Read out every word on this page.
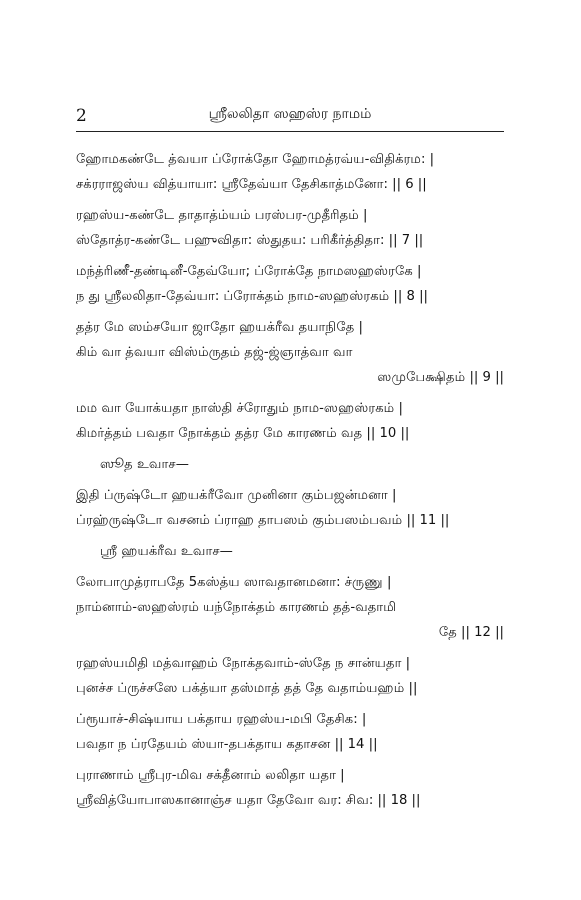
2	ஸ்ரீலலிதா ஸஹஸ்ர நாமம்
ஹோமகண்டே த்வயா ப்ரோக்தோ ஹோமத்ரவ்ய-விதிக்ரம: |
சக்ரராஜஸ்ய வித்யாயா: ஸ்ரீதேவ்யா தேசிகாத்மனோ: || 6 ||
ரஹஸ்ய-கண்டே தாதாத்ம்யம் பரஸ்பர-முதீரிதம் |
ஸ்தோத்ர-கண்டே பஹுவிதா: ஸ்துதய: பரிகீர்த்திதா: || 7 ||
மந்த்ரிணீ-தண்டினீ-தேவ்யோ; ப்ரோக்தே நாமஸஹஸ்ரகே |
ந து ஸ்ரீலலிதா-தேவ்யா: ப்ரோக்தம் நாம-ஸஹஸ்ரகம் || 8 ||
தத்ர மே ஸம்சயோ ஜாதோ ஹயக்ரீவ தயாநிதே |
கிம் வா த்வயா விஸ்ம்ருதம் தஜ்-ஜ்ஞாத்வா வா
ஸமுபேக்ஷிதம் || 9 ||
மம வா யோக்யதா நாஸ்தி ச்ரோதும் நாம-ஸஹஸ்ரகம் |
கிமர்த்தம் பவதா நோக்தம் தத்ர மே காரணம் வத || 10 ||
ஸூத உவாச—
இதி ப்ருஷ்டோ ஹயக்ரீவோ முனினா கும்பஜன்மனா |
ப்ரஹ்ருஷ்டோ வசனம் ப்ராஹ தாபஸம் கும்பஸம்பவம் || 11 ||
ஸ்ரீ ஹயக்ரீவ உவாச—
லோபாமுத்ராபதே 5கஸ்த்ய ஸாவதானமனா: ச்ருணு |
நாம்னாம்-ஸஹஸ்ரம் யந்நோக்தம் காரணம் தத்-வதாமி
தே || 12 ||
ரஹஸ்யமிதி மத்வாஹம் நோக்தவாம்-ஸ்தே ந சான்யதா |
புனச்ச ப்ருச்சஸே பக்த்யா தஸ்மாத் தத் தே வதாம்யஹம் ||
ப்ரூயாச்-சிஷ்யாய பக்தாய ரஹஸ்ய-மபி தேசிக: |
பவதா ந ப்ரதேயம் ஸ்யா-தபக்தாய கதாசன || 14 ||
புராணாம் ஸ்ரீபுர-மிவ சக்தீனாம் லலிதா யதா |
ஸ்ரீவித்யோபாஸகானாஞ்ச யதா தேவோ வர: சிவ: || 18 ||
